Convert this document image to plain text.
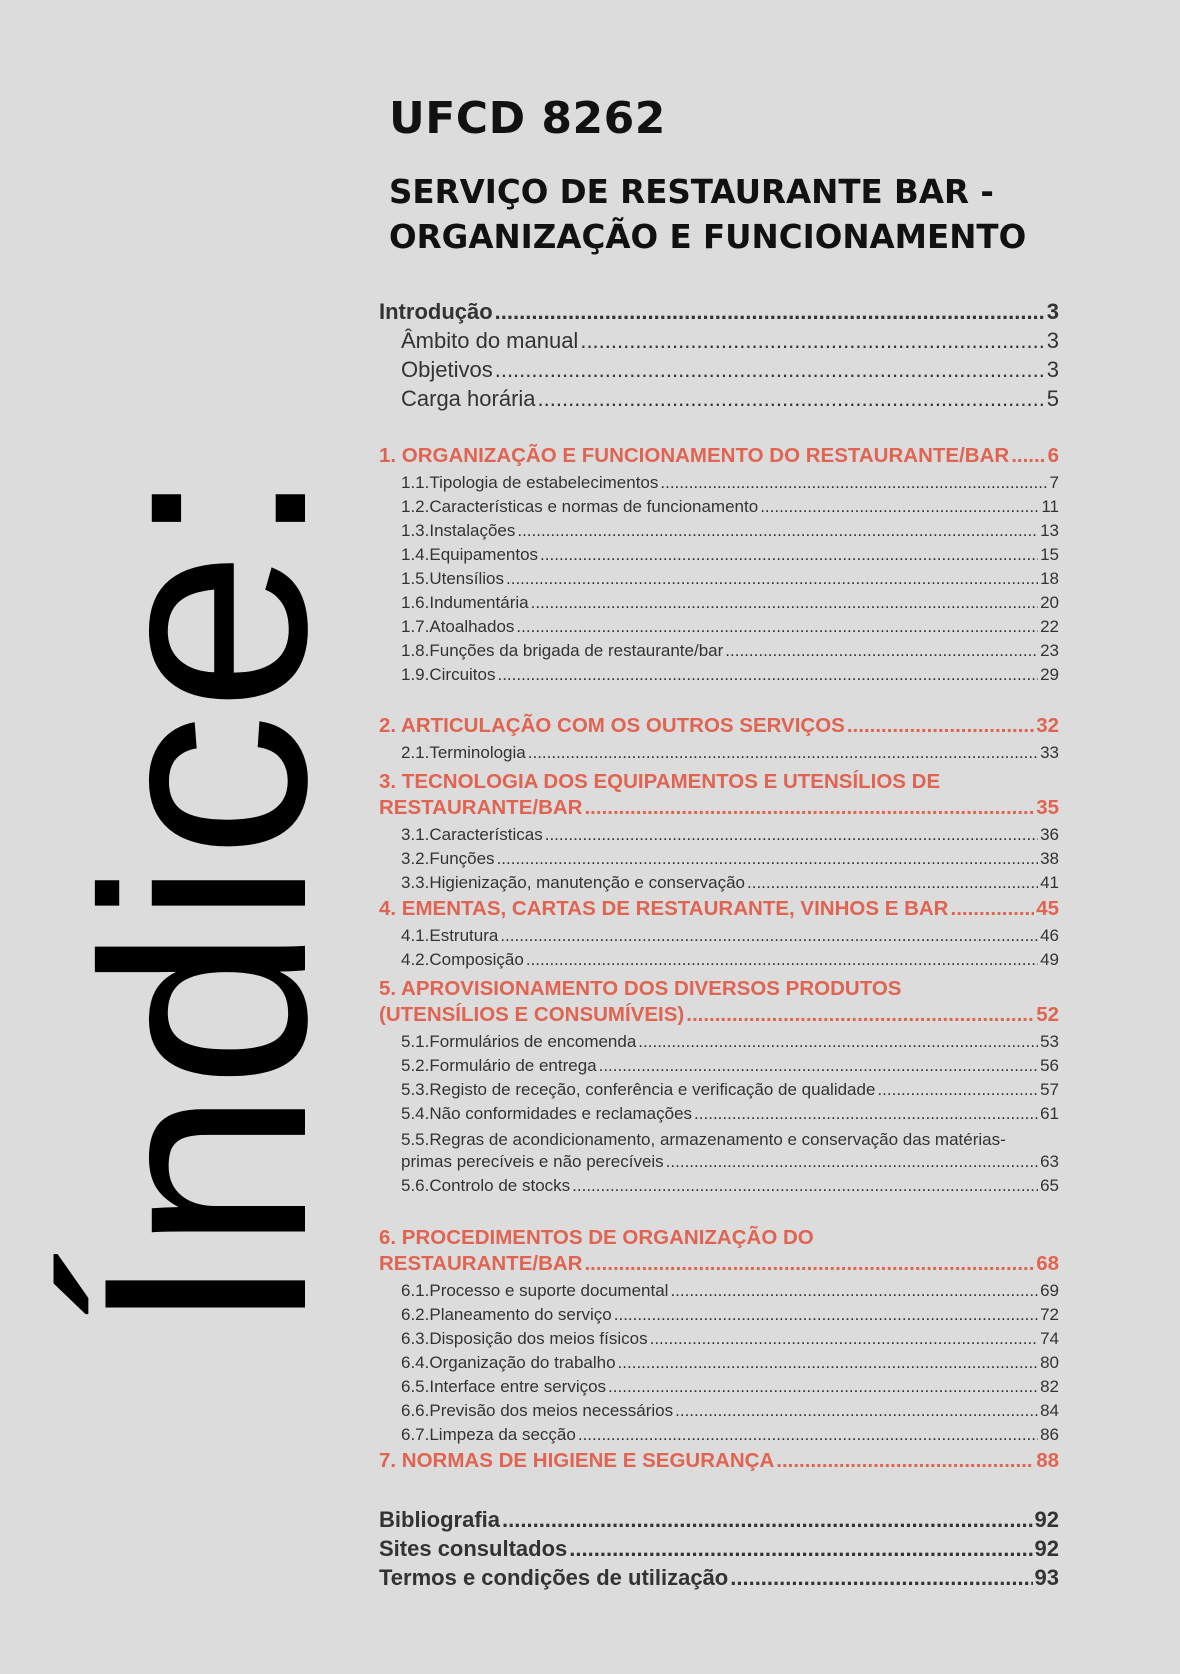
Índice:
UFCD 8262
SERVIÇO DE RESTAURANTE BAR -
ORGANIZAÇÃO E FUNCIONAMENTO
Introdução .....	3
Âmbito do manual .....	3
Objetivos .....	3
Carga horária .....	5
1. ORGANIZAÇÃO E FUNCIONAMENTO DO RESTAURANTE/BAR ..... 6
1.1.Tipologia de estabelecimentos .....	7
1.2.Características e normas de funcionamento .....	11
1.3.Instalações .....	13
1.4.Equipamentos .....	15
1.5.Utensílios .....	18
1.6.Indumentária .....	20
1.7.Atoalhados .....	22
1.8.Funções da brigada de restaurante/bar .....	23
1.9.Circuitos .....	29
2. ARTICULAÇÃO COM OS OUTROS SERVIÇOS .....	32
2.1.Terminologia .....	33
3. TECNOLOGIA DOS EQUIPAMENTOS E UTENSÍLIOS DE
RESTAURANTE/BAR .....	35
3.1.Características .....	36
3.2.Funções .....	38
3.3.Higienização, manutenção e conservação .....	41
4. EMENTAS, CARTAS DE RESTAURANTE, VINHOS E BAR .....	45
4.1.Estrutura .....	46
4.2.Composição .....	49
5. APROVISIONAMENTO DOS DIVERSOS PRODUTOS
(UTENSÍLIOS E CONSUMÍVEIS) .....	52
5.1.Formulários de encomenda .....	53
5.2.Formulário de entrega .....	56
5.3.Registo de receção, conferência e verificação de qualidade .....	57
5.4.Não conformidades e reclamações .....	61
5.5.Regras de acondicionamento, armazenamento e conservação das matérias-
primas perecíveis e não perecíveis .....	63
5.6.Controlo de stocks .....	65
6. PROCEDIMENTOS DE ORGANIZAÇÃO DO
RESTAURANTE/BAR .....	68
6.1.Processo e suporte documental .....	69
6.2.Planeamento do serviço .....	72
6.3.Disposição dos meios físicos .....	74
6.4.Organização do trabalho .....	80
6.5.Interface entre serviços .....	82
6.6.Previsão dos meios necessários .....	84
6.7.Limpeza da secção .....	86
7. NORMAS DE HIGIENE E SEGURANÇA .....	88
Bibliografia .....	92
Sites consultados .....	92
Termos e condições de utilização .....	93
